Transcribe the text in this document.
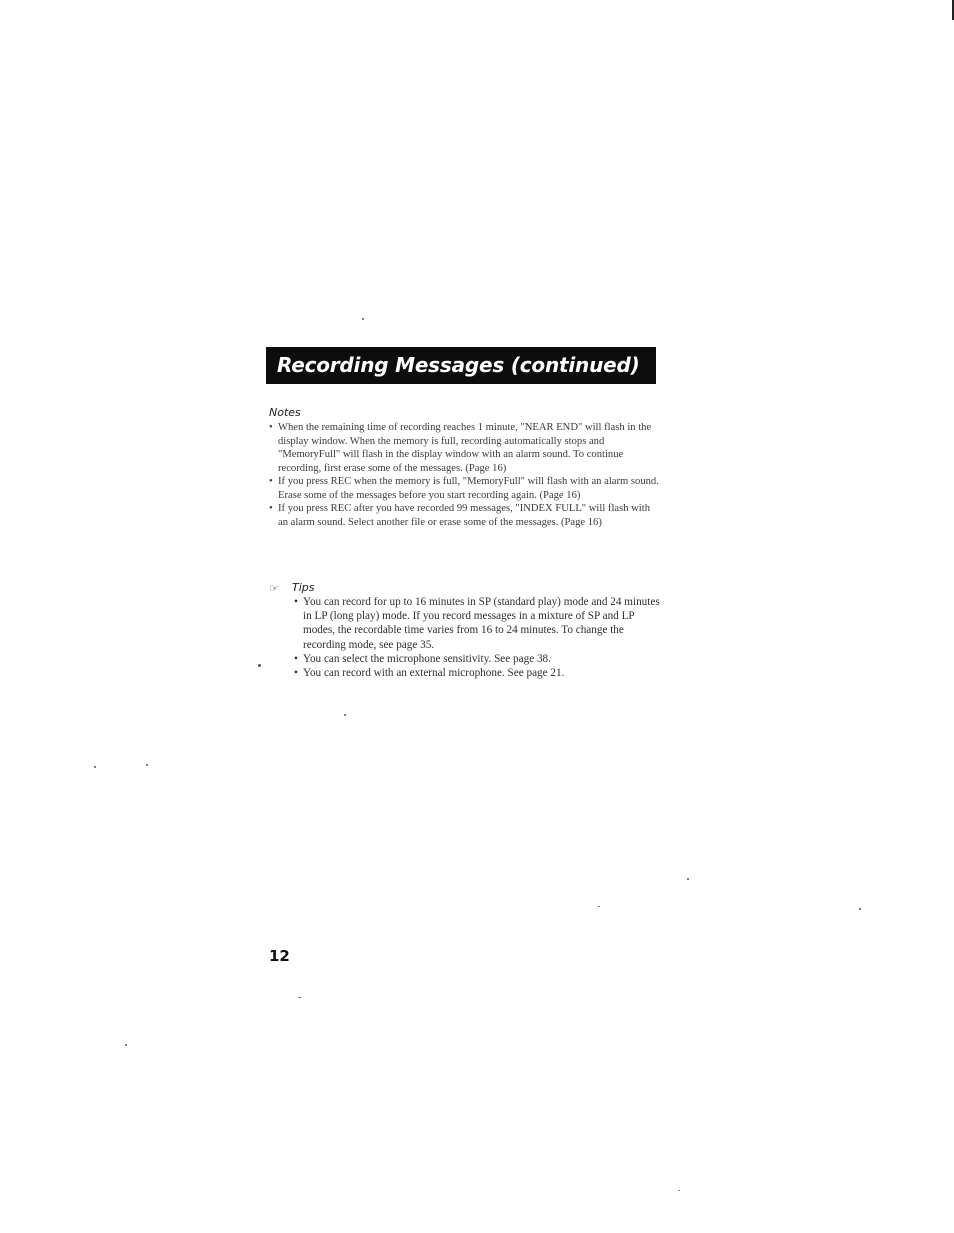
Recording Messages (continued)
Notes
• When the remaining time of recording reaches 1 minute, "NEAR END" will flash in the display window. When the memory is full, recording automatically stops and "MemoryFull" will flash in the display window with an alarm sound. To continue recording, first erase some of the messages. (Page 16)
• If you press REC when the memory is full, "MemoryFull" will flash with an alarm sound. Erase some of the messages before you start recording again. (Page 16)
• If you press REC after you have recorded 99 messages, "INDEX FULL" will flash with an alarm sound. Select another file or erase some of the messages. (Page 16)
☞ Tips
• You can record for up to 16 minutes in SP (standard play) mode and 24 minutes in LP (long play) mode. If you record messages in a mixture of SP and LP modes, the recordable time varies from 16 to 24 minutes. To change the recording mode, see page 35.
• You can select the microphone sensitivity. See page 38.
• You can record with an external microphone. See page 21.
12
